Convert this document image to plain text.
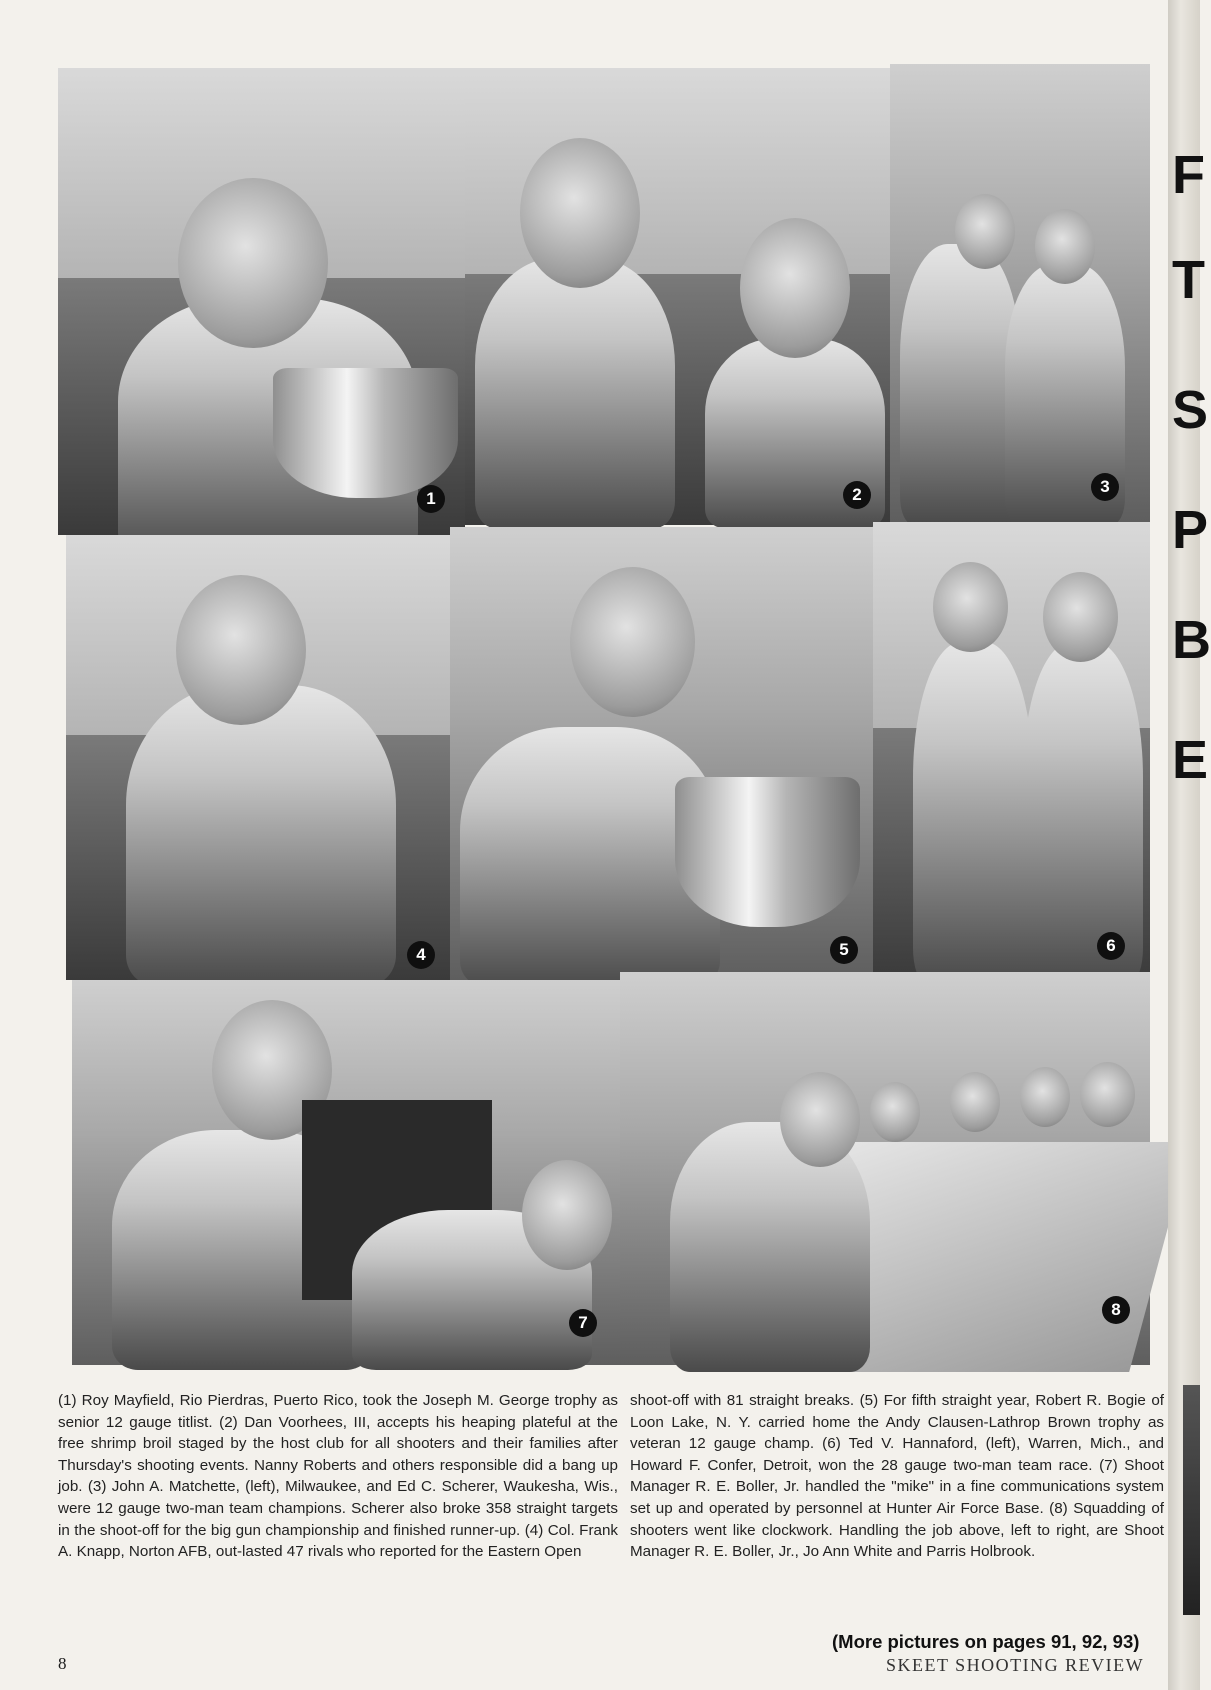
1	2	3
4	5	6
7
8
(1) Roy Mayfield, Rio Pierdras, Puerto Rico, took the Joseph M. George trophy as senior 12 gauge titlist. (2) Dan Voorhees, III, accepts his heaping plateful at the free shrimp broil staged by the host club for all shooters and their families after Thursday's shooting events. Nanny Roberts and others responsible did a bang up job. (3) John A. Matchette, (left), Milwaukee, and Ed C. Scherer, Waukesha, Wis., were 12 gauge two-man team champions. Scherer also broke 358 straight targets in the shoot-off for the big gun championship and finished runner-up. (4) Col. Frank A. Knapp, Norton AFB, out-lasted 47 rivals who reported for the Eastern Open
shoot-off with 81 straight breaks. (5) For fifth straight year, Robert R. Bogie of Loon Lake, N. Y. carried home the Andy Clausen-Lathrop Brown trophy as veteran 12 gauge champ. (6) Ted V. Hannaford, (left), Warren, Mich., and Howard F. Confer, Detroit, won the 28 gauge two-man team race. (7) Shoot Manager R. E. Boller, Jr. handled the "mike" in a fine communications system set up and operated by personnel at Hunter Air Force Base. (8) Squadding of shooters went like clockwork. Handling the job above, left to right, are Shoot Manager R. E. Boller, Jr., Jo Ann White and Parris Holbrook.
(More pictures on pages 91, 92, 93)
8	SKEET SHOOTING REVIEW
F
T
S
P
B
E
